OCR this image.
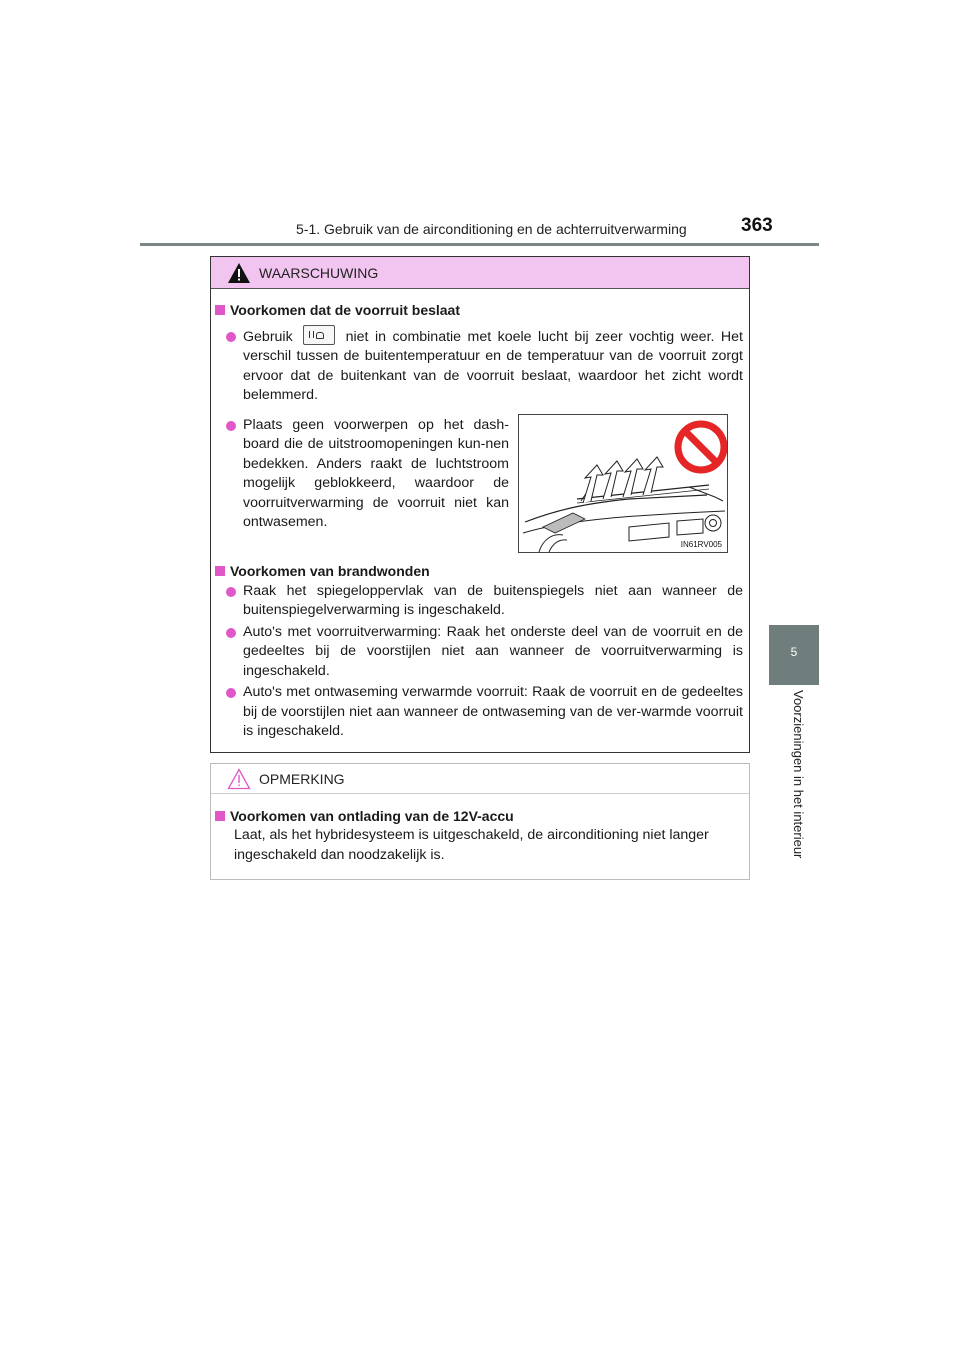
5-1. Gebruik van de airconditioning en de achterruitverwarming	363
5
Voorzieningen in het interieur
WAARSCHUWING
Voorkomen dat de voorruit beslaat
Gebruik	niet in combinatie met koele lucht bij zeer vochtig weer. Het verschil tussen de buitentemperatuur en de temperatuur van de voorruit zorgt ervoor dat de buitenkant van de voorruit beslaat, waardoor het zicht wordt belemmerd.
Plaats geen voorwerpen op het dash-board die de uitstroomopeningen kun-nen bedekken. Anders raakt de luchtstroom mogelijk geblokkeerd, waardoor de voorruitverwarming de voorruit niet kan ontwasemen.
IN61RV005
Voorkomen van brandwonden
Raak het spiegeloppervlak van de buitenspiegels niet aan wanneer de buitenspiegelverwarming is ingeschakeld.
Auto's met voorruitverwarming: Raak het onderste deel van de voorruit en de gedeeltes bij de voorstijlen niet aan wanneer de voorruitverwarming is ingeschakeld.
Auto's met ontwaseming verwarmde voorruit: Raak de voorruit en de gedeeltes bij de voorstijlen niet aan wanneer de ontwaseming van de ver-warmde voorruit is ingeschakeld.
OPMERKING
Voorkomen van ontlading van de 12V-accu
Laat, als het hybridesysteem is uitgeschakeld, de airconditioning niet langer ingeschakeld dan noodzakelijk is.
